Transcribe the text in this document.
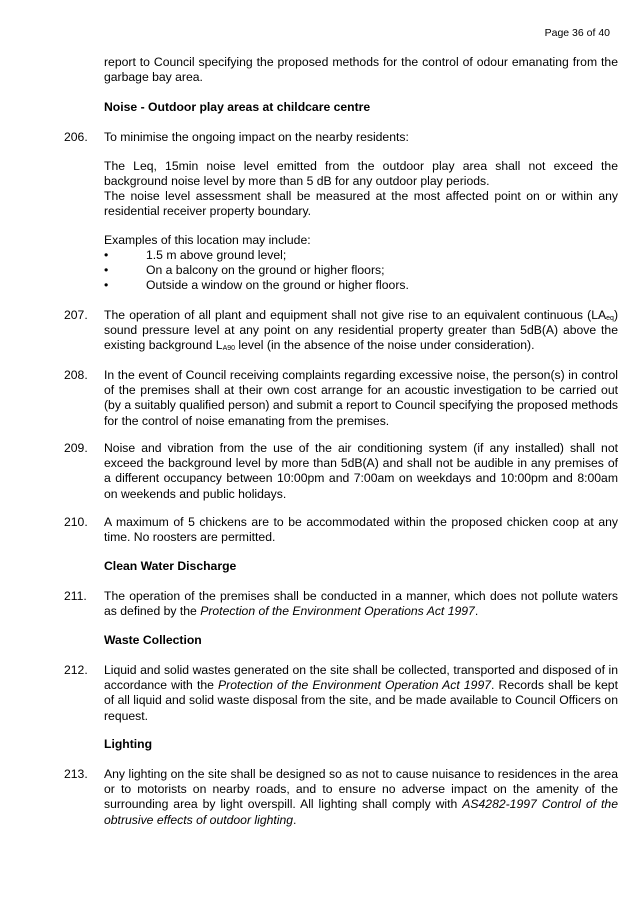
Page 36 of 40
report to Council specifying the proposed methods for the control of odour emanating from the garbage bay area.
Noise - Outdoor play areas at childcare centre
206. To minimise the ongoing impact on the nearby residents:
The Leq, 15min noise level emitted from the outdoor play area shall not exceed the background noise level by more than 5 dB for any outdoor play periods.
The noise level assessment shall be measured at the most affected point on or within any residential receiver property boundary.
Examples of this location may include:
•	1.5 m above ground level;
•	On a balcony on the ground or higher floors;
•	Outside a window on the ground or higher floors.
207. The operation of all plant and equipment shall not give rise to an equivalent continuous $(LA_{eq})$ sound pressure level at any point on any residential property greater than 5dB(A) above the existing background $L_{A90}$ level (in the absence of the noise under consideration).
208. In the event of Council receiving complaints regarding excessive noise, the person(s) in control of the premises shall at their own cost arrange for an acoustic investigation to be carried out (by a suitably qualified person) and submit a report to Council specifying the proposed methods for the control of noise emanating from the premises.
209. Noise and vibration from the use of the air conditioning system (if any installed) shall not exceed the background level by more than 5dB(A) and shall not be audible in any premises of a different occupancy between 10:00pm and 7:00am on weekdays and 10:00pm and 8:00am on weekends and public holidays.
210. A maximum of 5 chickens are to be accommodated within the proposed chicken coop at any time. No roosters are permitted.
Clean Water Discharge
211. The operation of the premises shall be conducted in a manner, which does not pollute waters as defined by the Protection of the Environment Operations Act 1997.
Waste Collection
212. Liquid and solid wastes generated on the site shall be collected, transported and disposed of in accordance with the Protection of the Environment Operation Act 1997. Records shall be kept of all liquid and solid waste disposal from the site, and be made available to Council Officers on request.
Lighting
213. Any lighting on the site shall be designed so as not to cause nuisance to residences in the area or to motorists on nearby roads, and to ensure no adverse impact on the amenity of the surrounding area by light overspill. All lighting shall comply with AS4282-1997 Control of the obtrusive effects of outdoor lighting.
